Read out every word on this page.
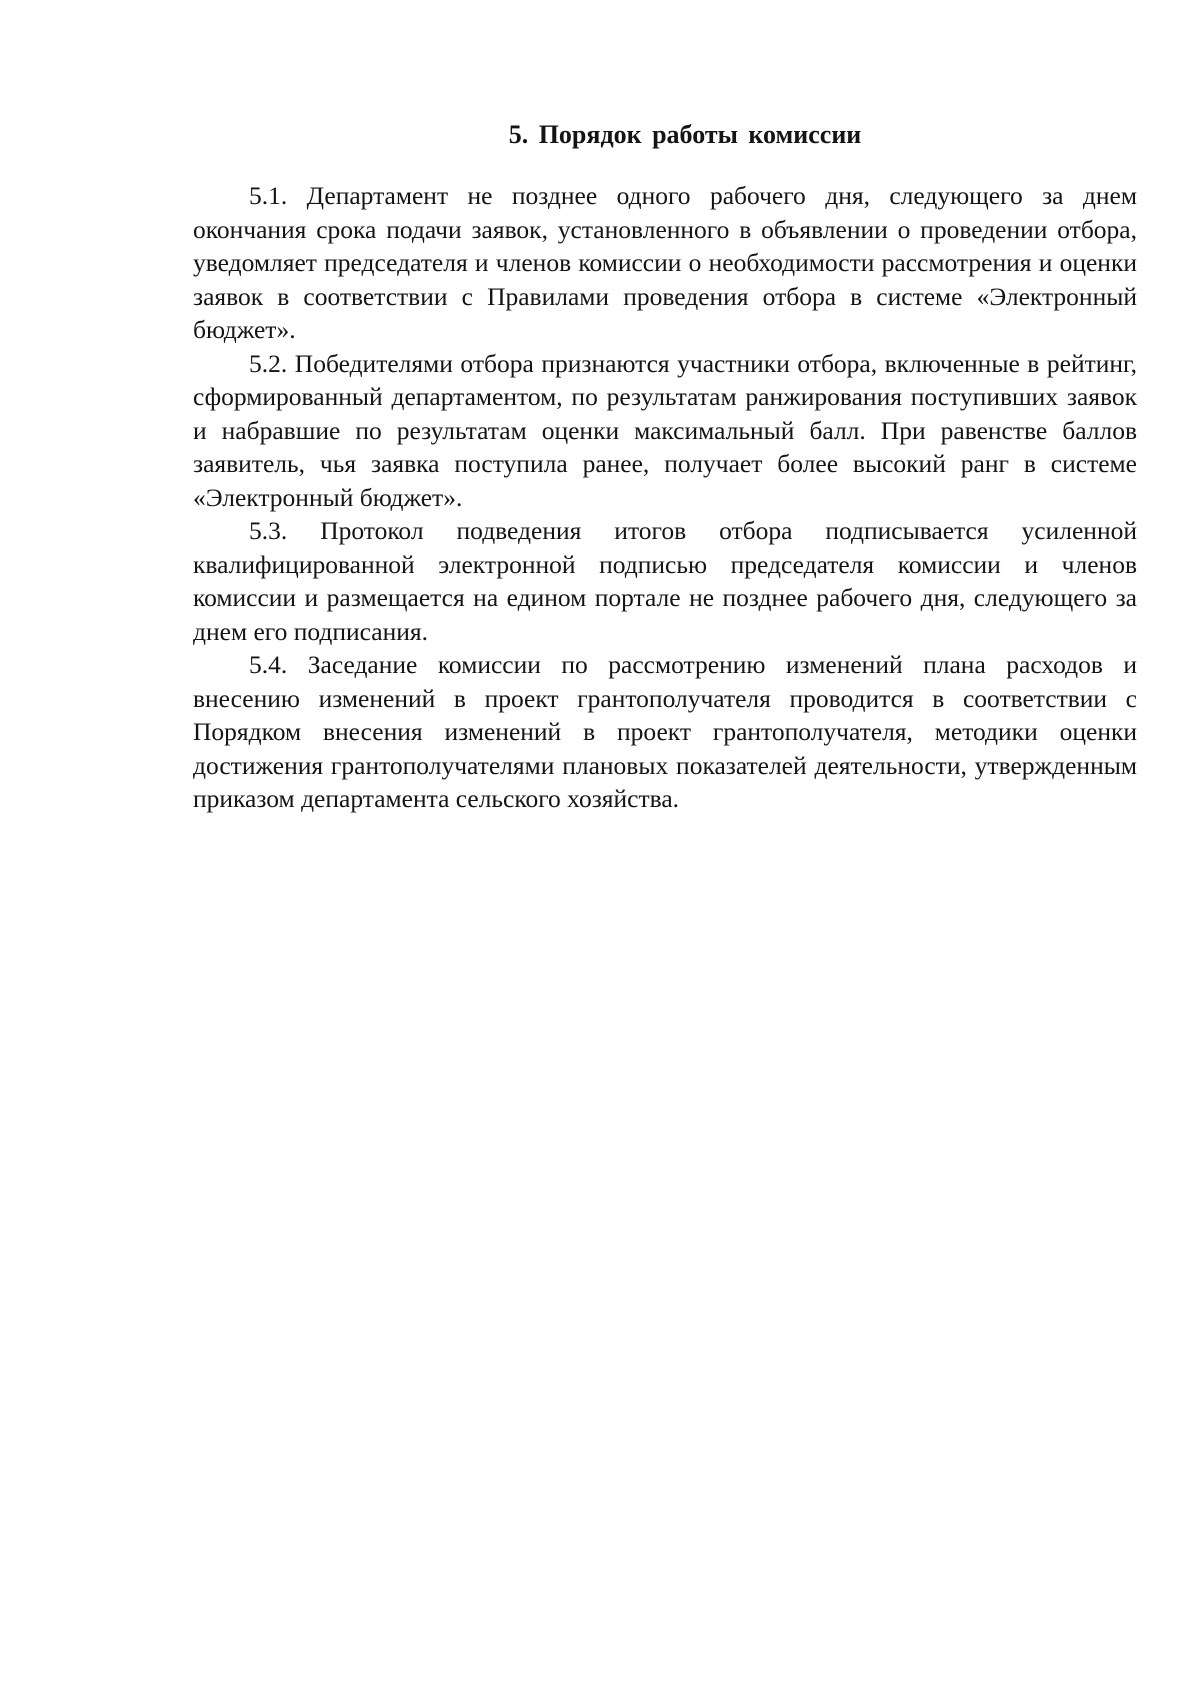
5. Порядок работы комиссии

5.1. Департамент не позднее одного рабочего дня, следующего за днем окончания срока подачи заявок, установленного в объявлении о проведении отбора, уведомляет председателя и членов комиссии о необходимости рассмотрения и оценки заявок в соответствии с Правилами проведения отбора в системе «Электронный бюджет».

5.2. Победителями отбора признаются участники отбора, включенные в рейтинг, сформированный департаментом, по результатам ранжирования поступивших заявок и набравшие по результатам оценки максимальный балл. При равенстве баллов заявитель, чья заявка поступила ранее, получает более высокий ранг в системе «Электронный бюджет».

5.3. Протокол подведения итогов отбора подписывается усиленной квалифицированной электронной подписью председателя комиссии и членов комиссии и размещается на едином портале не позднее рабочего дня, следующего за днем его подписания.

5.4. Заседание комиссии по рассмотрению изменений плана расходов и внесению изменений в проект грантополучателя проводится в соответствии с Порядком внесения изменений в проект грантополучателя, методики оценки достижения грантополучателями плановых показателей деятельности, утвержденным приказом департамента сельского хозяйства.
